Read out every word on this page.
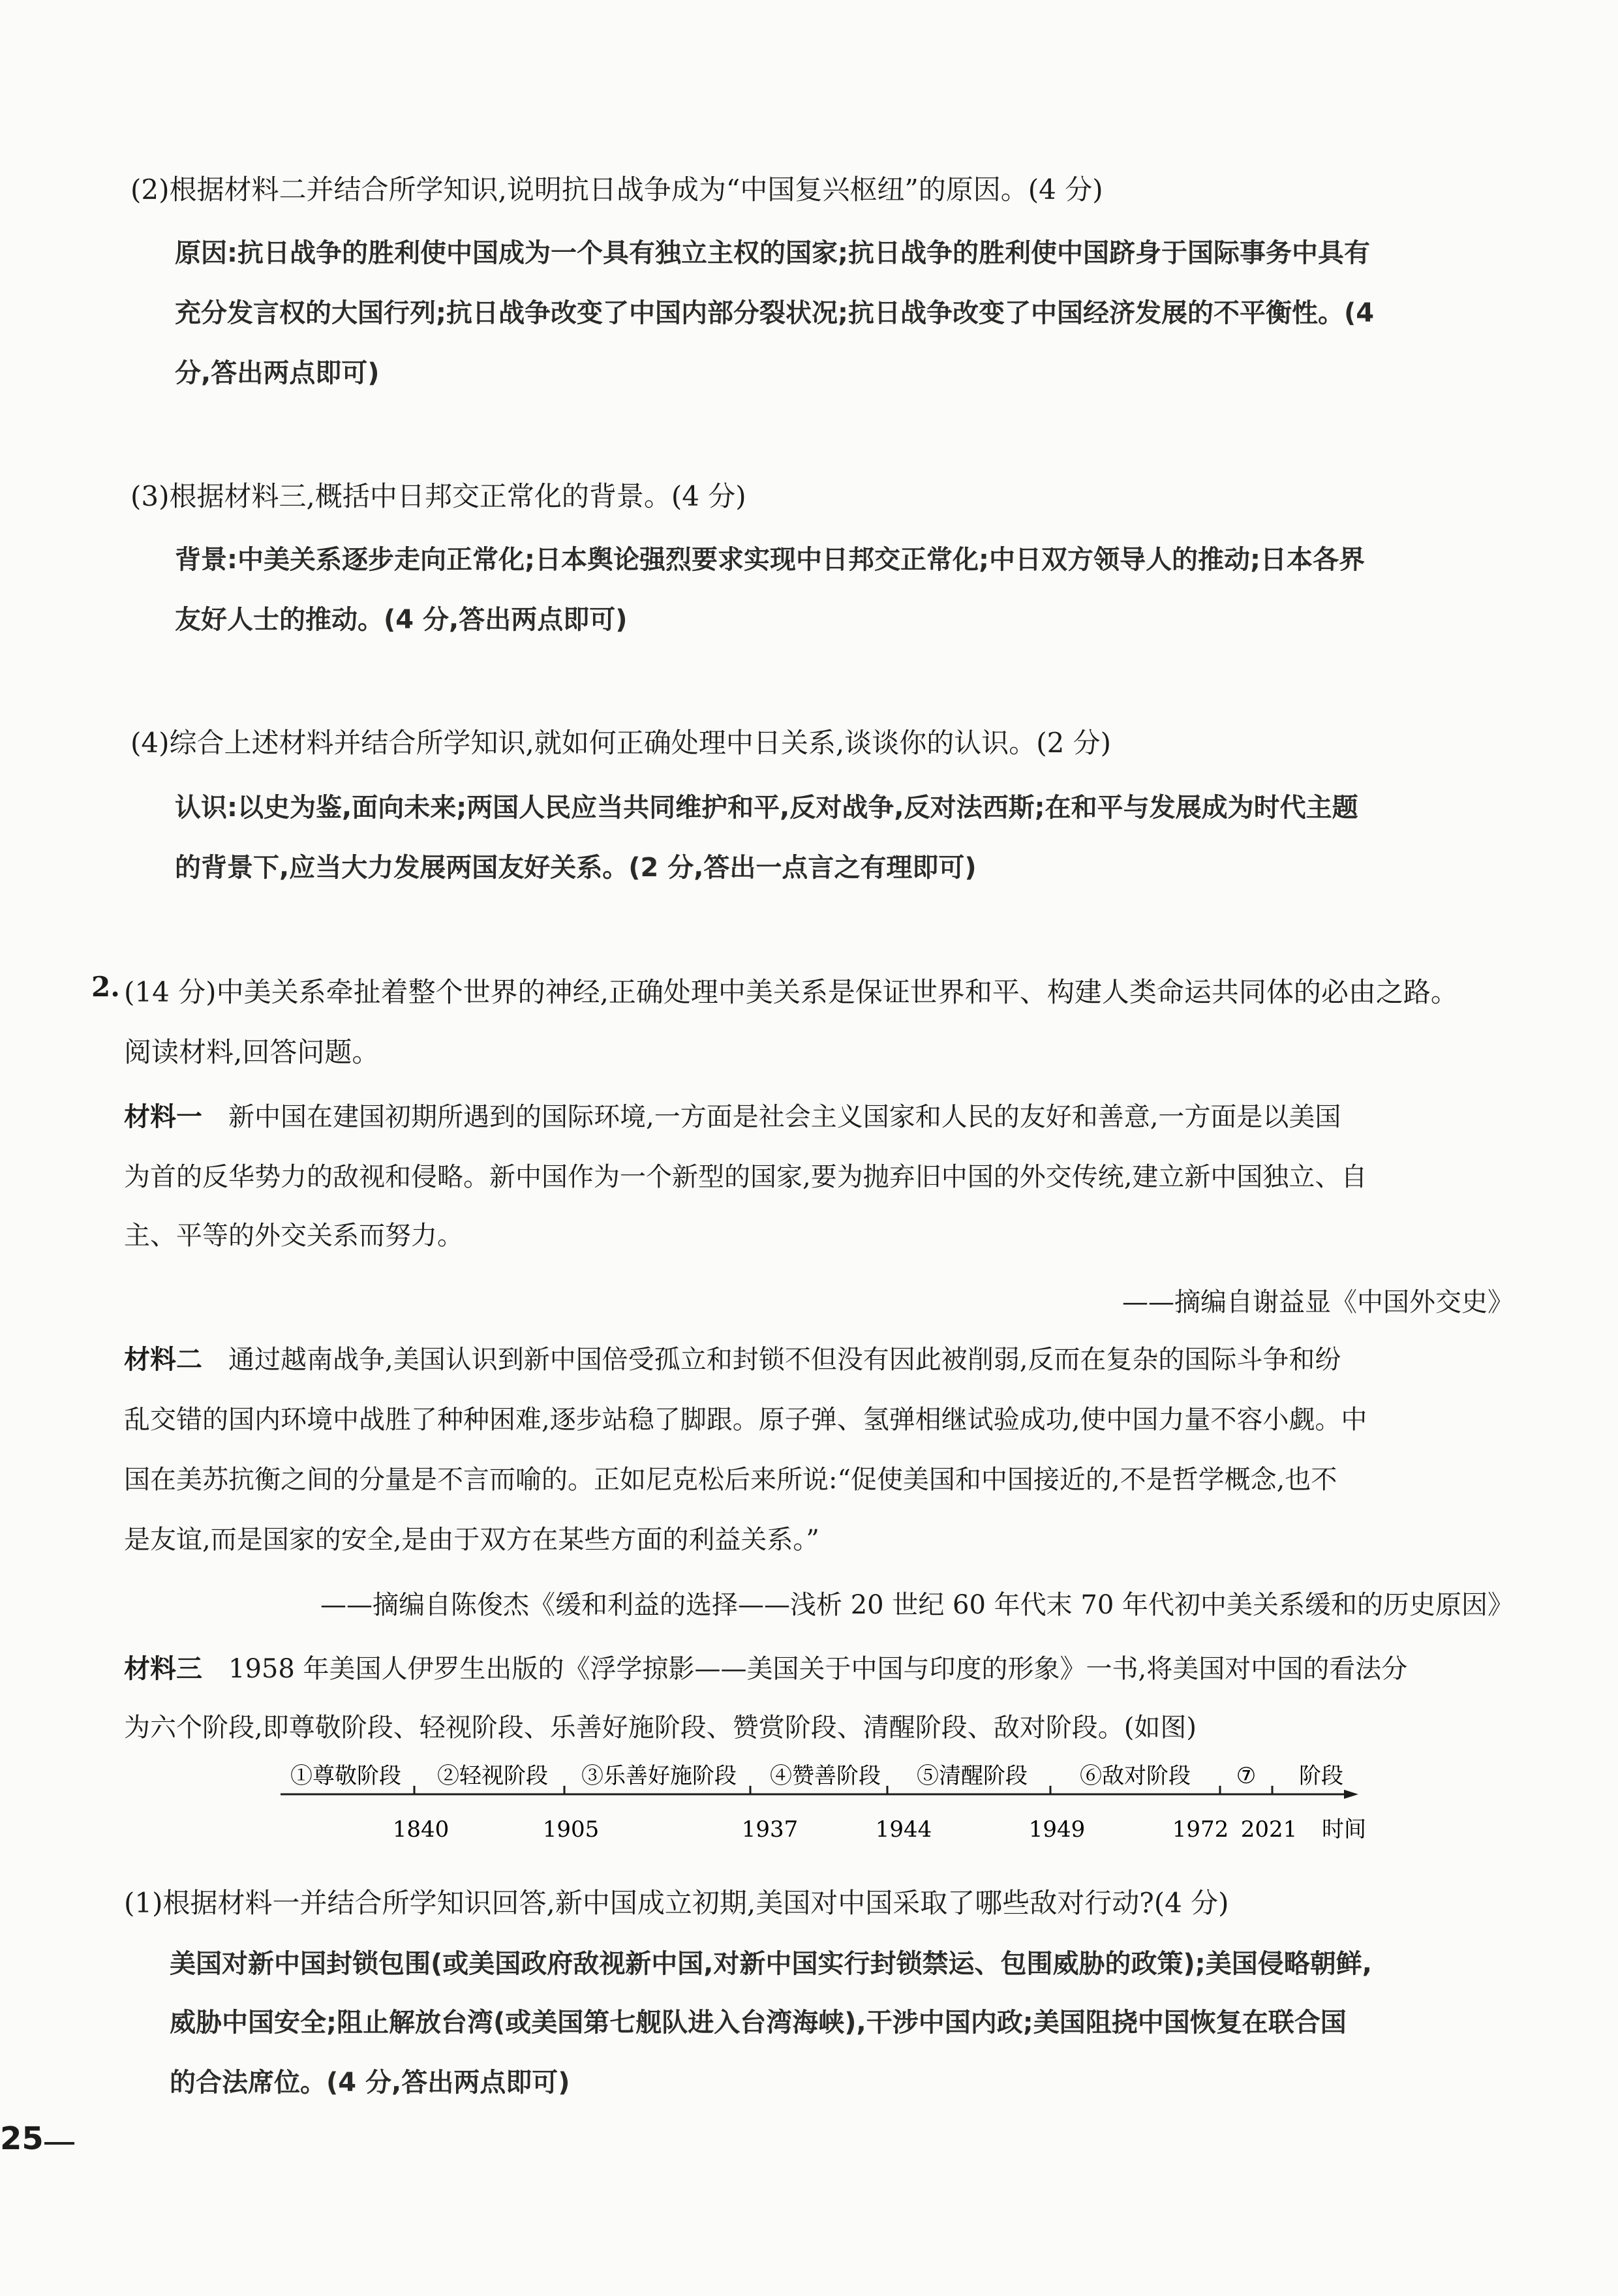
(2)根据材料二并结合所学知识,说明抗日战争成为“中国复兴枢纽”的原因。(4 分)
原因:抗日战争的胜利使中国成为一个具有独立主权的国家;抗日战争的胜利使中国跻身于国际事务中具有
充分发言权的大国行列;抗日战争改变了中国内部分裂状况;抗日战争改变了中国经济发展的不平衡性。(4
分,答出两点即可)
(3)根据材料三,概括中日邦交正常化的背景。(4 分)
背景:中美关系逐步走向正常化;日本舆论强烈要求实现中日邦交正常化;中日双方领导人的推动;日本各界
友好人士的推动。(4 分,答出两点即可)
(4)综合上述材料并结合所学知识,就如何正确处理中日关系,谈谈你的认识。(2 分)
认识:以史为鉴,面向未来;两国人民应当共同维护和平,反对战争,反对法西斯;在和平与发展成为时代主题
的背景下,应当大力发展两国友好关系。(2 分,答出一点言之有理即可)
2. (14 分)中美关系牵扯着整个世界的神经,正确处理中美关系是保证世界和平、构建人类命运共同体的必由之路。
阅读材料,回答问题。
材料一 新中国在建国初期所遇到的国际环境,一方面是社会主义国家和人民的友好和善意,一方面是以美国
为首的反华势力的敌视和侵略。新中国作为一个新型的国家,要为抛弃旧中国的外交传统,建立新中国独立、自
主、平等的外交关系而努力。
——摘编自谢益显《中国外交史》
材料二 通过越南战争,美国认识到新中国倍受孤立和封锁不但没有因此被削弱,反而在复杂的国际斗争和纷
乱交错的国内环境中战胜了种种困难,逐步站稳了脚跟。原子弹、氢弹相继试验成功,使中国力量不容小觑。中
国在美苏抗衡之间的分量是不言而喻的。正如尼克松后来所说:“促使美国和中国接近的,不是哲学概念,也不
是友谊,而是国家的安全,是由于双方在某些方面的利益关系。”
——摘编自陈俊杰《缓和利益的选择——浅析 20 世纪 60 年代末 70 年代初中美关系缓和的历史原因》
材料三 1958 年美国人伊罗生出版的《浮学掠影——美国关于中国与印度的形象》一书,将美国对中国的看法分
为六个阶段,即尊敬阶段、轻视阶段、乐善好施阶段、赞赏阶段、清醒阶段、敌对阶段。(如图)
①尊敬阶段 ②轻视阶段 ③乐善好施阶段 ④赞善阶段 ⑤清醒阶段 ⑥敌对阶段 ⑦
1840	1905	1937	1944	1949	1972 2021
阶段
时间
(1)根据材料一并结合所学知识回答,新中国成立初期,美国对中国采取了哪些敌对行动?(4 分)
美国对新中国封锁包围(或美国政府敌视新中国,对新中国实行封锁禁运、包围威胁的政策);美国侵略朝鲜,
威胁中国安全;阻止解放台湾(或美国第七舰队进入台湾海峡),干涉中国内政;美国阻挠中国恢复在联合国
的合法席位。(4 分,答出两点即可)
25
